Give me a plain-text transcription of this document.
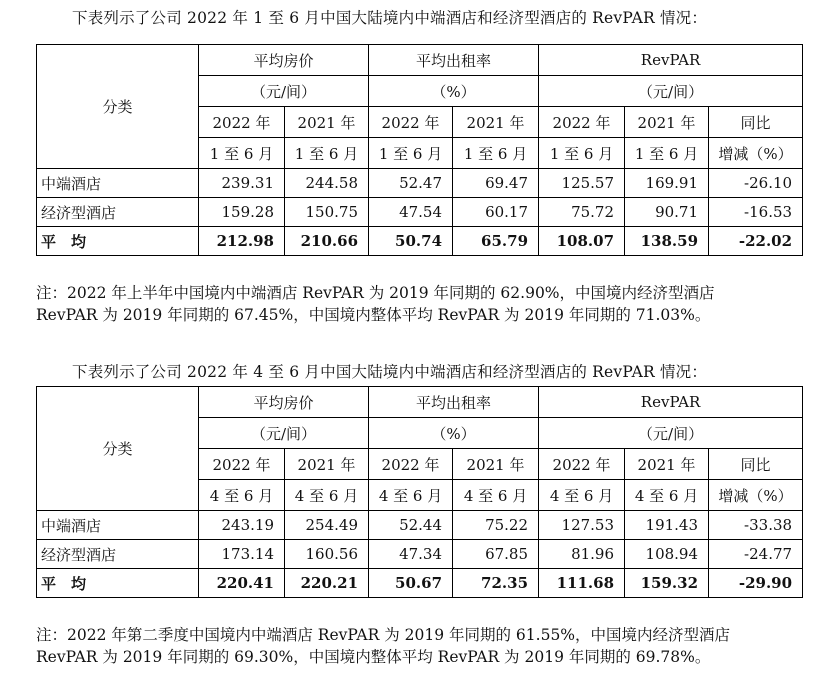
下表列示了公司 2022 年 1 至 6 月中国大陆境内中端酒店和经济型酒店的 RevPAR 情况：
分类	平均房价		平均出租率		RevPAR		
	（元/间）		（%）		（元/间）		
	2022 年	2021 年	2022 年	2021 年	2022 年	2021 年	同比
	1 至 6 月	1 至 6 月	1 至 6 月	1 至 6 月	1 至 6 月	1 至 6 月	增减（%）
中端酒店	239.31	244.58	52.47	69.47	125.57	169.91	-26.10
经济型酒店	159.28	150.75	47.54	60.17	75.72	90.71	-16.53
平　均	212.98	210.66	50.74	65.79	108.07	138.59	-22.02

注：2022 年上半年中国境内中端酒店 RevPAR 为 2019 年同期的 62.90%，中国境内经济型酒店

RevPAR 为 2019 年同期的 67.45%，中国境内整体平均 RevPAR 为 2019 年同期的 71.03%。

下表列示了公司 2022 年 4 至 6 月中国大陆境内中端酒店和经济型酒店的 RevPAR 情况：
分类	平均房价		平均出租率		RevPAR		
	（元/间）		（%）		（元/间）		
	2022 年	2021 年	2022 年	2021 年	2022 年	2021 年	同比
	4 至 6 月	4 至 6 月	4 至 6 月	4 至 6 月	4 至 6 月	4 至 6 月	增减（%）
中端酒店	243.19	254.49	52.44	75.22	127.53	191.43	-33.38
经济型酒店	173.14	160.56	47.34	67.85	81.96	108.94	-24.77
平　均	220.41	220.21	50.67	72.35	111.68	159.32	-29.90

注：2022 年第二季度中国境内中端酒店 RevPAR 为 2019 年同期的 61.55%，中国境内经济型酒店

RevPAR 为 2019 年同期的 69.30%，中国境内整体平均 RevPAR 为 2019 年同期的 69.78%。
